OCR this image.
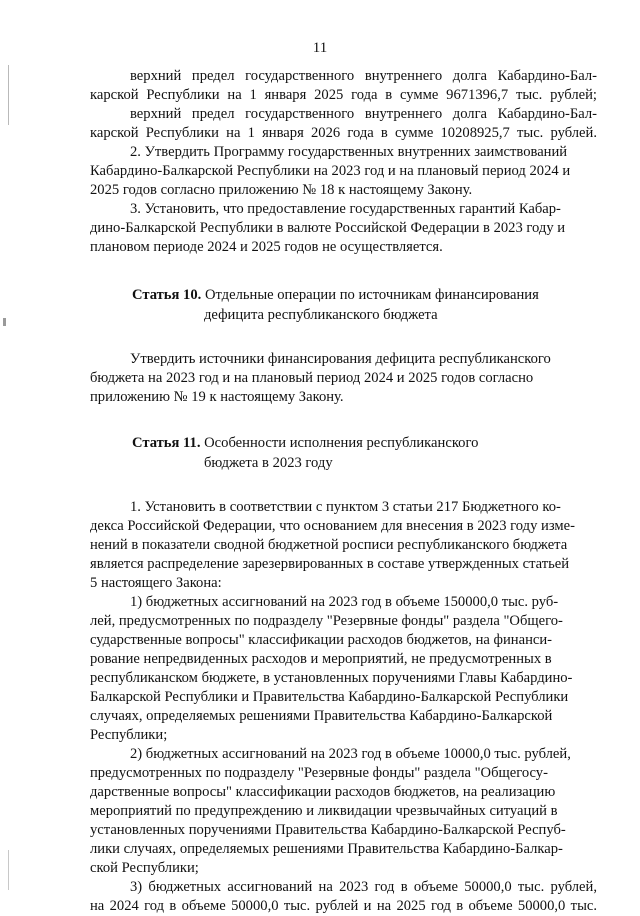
11

верхний предел государственного внутреннего долга Кабардино-Бал-
карской Республики на 1 января 2025 года в сумме 9671396,7 тыс. рублей;

верхний предел государственного внутреннего долга Кабардино-Бал-
карской Республики на 1 января 2026 года в сумме 10208925,7 тыс. рублей.

2. Утвердить Программу государственных внутренних заимствований
Кабардино-Балкарской Республики на 2023 год и на плановый период 2024 и
2025 годов согласно приложению № 18 к настоящему Закону.

3. Установить, что предоставление государственных гарантий Кабар-
дино-Балкарской Республики в валюте Российской Федерации в 2023 году и
плановом периоде 2024 и 2025 годов не осуществляется.

Статья 10. Отдельные операции по источникам финансирования
дефицита республиканского бюджета

Утвердить источники финансирования дефицита республиканского
бюджета на 2023 год и на плановый период 2024 и 2025 годов согласно
приложению № 19 к настоящему Закону.

Статья 11. Особенности исполнения республиканского
бюджета в 2023 году

1. Установить в соответствии с пунктом 3 статьи 217 Бюджетного ко-
декса Российской Федерации, что основанием для внесения в 2023 году изме-
нений в показатели сводной бюджетной росписи республиканского бюджета
является распределение зарезервированных в составе утвержденных статьей
5 настоящего Закона:

1) бюджетных ассигнований на 2023 год в объеме 150000,0 тыс. руб-
лей, предусмотренных по подразделу "Резервные фонды" раздела "Общего-
сударственные вопросы" классификации расходов бюджетов, на финанси-
рование непредвиденных расходов и мероприятий, не предусмотренных в
республиканском бюджете, в установленных поручениями Главы Кабардино-
Балкарской Республики и Правительства Кабардино-Балкарской Республики
случаях, определяемых решениями Правительства Кабардино-Балкарской
Республики;

2) бюджетных ассигнований на 2023 год в объеме 10000,0 тыс. рублей,
предусмотренных по подразделу "Резервные фонды" раздела "Общегосу-
дарственные вопросы" классификации расходов бюджетов, на реализацию
мероприятий по предупреждению и ликвидации чрезвычайных ситуаций в
установленных поручениями Правительства Кабардино-Балкарской Респуб-
лики случаях, определяемых решениями Правительства Кабардино-Балкар-
ской Республики;

3) бюджетных ассигнований на 2023 год в объеме 50000,0 тыс. рублей,
на 2024 год в объеме 50000,0 тыс. рублей и на 2025 год в объеме 50000,0 тыс.
